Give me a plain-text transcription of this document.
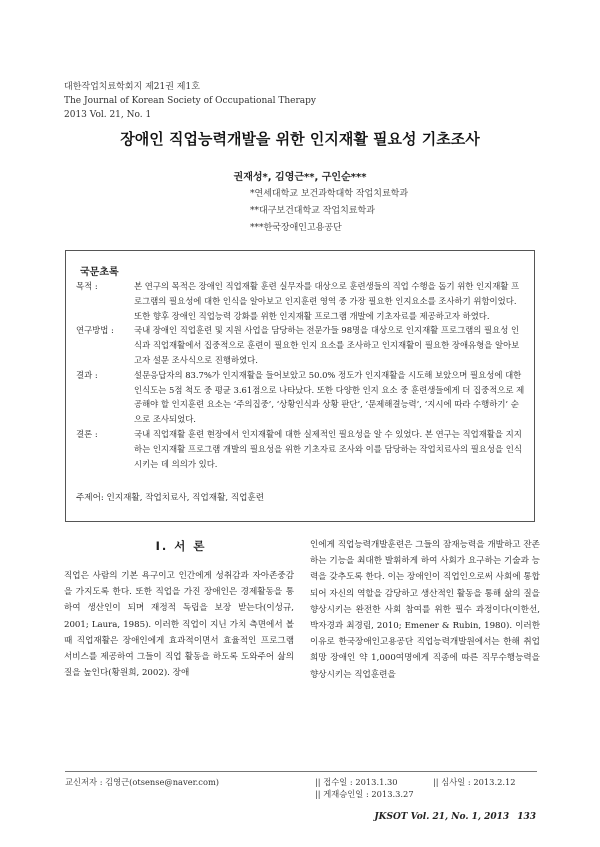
대한작업치료학회지 제21권 제1호
The Journal of Korean Society of Occupational Therapy
2013 Vol. 21, No. 1
장애인 직업능력개발을 위한 인지재활 필요성 기초조사
권재성*, 김영근**, 구인순***
*연세대학교 보건과학대학 작업치료학과
**대구보건대학교 작업치료학과
***한국장애인고용공단
국문초록
목적 :	본 연구의 목적은 장애인 직업재활 훈련 실무자를 대상으로 훈련생들의 직업 수행을 돕기 위한 인지재활 프로그램의 필요성에 대한 인식을 알아보고 인지훈련 영역 중 가장 필요한 인지요소를 조사하기 위함이었다. 또한 향후 장애인 직업능력 강화를 위한 인지재활 프로그램 개발에 기초자료를 제공하고자 하였다.
연구방법 : 국내 장애인 직업훈련 및 지원 사업을 담당하는 전문가들 98명을 대상으로 인지재활 프로그램의 필요성 인식과 직업재활에서 집중적으로 훈련이 필요한 인지 요소를 조사하고 인지재활이 필요한 장애유형을 알아보고자 설문 조사식으로 진행하였다.
결과 :	설문응답자의 83.7%가 인지재활을 들어보았고 50.0% 정도가 인지재활을 시도해 보았으며 필요성에 대한 인식도는 5점 척도 중 평균 3.61점으로 나타났다. 또한 다양한 인지 요소 중 훈련생들에게 더 집중적으로 제공해야 할 인지훈련 요소는 ‘주의집중’, ‘상황인식과 상황 판단’, ‘문제해결능력’, ‘지시에 따라 수행하기’ 순으로 조사되었다.
결론 :	국내 직업재활 훈련 현장에서 인지재활에 대한 실제적인 필요성을 알 수 있었다. 본 연구는 직업재활을 지지하는 인지재활 프로그램 개발의 필요성을 위한 기초자료 조사와 이를 담당하는 작업치료사의 필요성을 인식시키는 데 의의가 있다.
주제어: 인지재활, 작업치료사, 직업재활, 직업훈련
Ⅰ. 서 론

직업은 사람의 기본 욕구이고 인간에게 성취감과 자아존중감을 가지도록 한다. 또한 직업을 가진 장애인은 경제활동을 통하여 생산인이 되며 재정적 독립을 보장 받는다(이성규, 2001; Laura, 1985). 이러한 직업이 지닌 가치 측면에서 볼 때 직업재활은 장애인에게 효과적이면서 효율적인 프로그램 서비스를 제공하여 그들이 직업 활동을 하도록 도와주어 삶의 질을 높인다(황원희, 2002). 장애

인에게 직업능력개발훈련은 그들의 잠재능력을 개발하고 잔존하는 기능을 최대한 발휘하게 하여 사회가 요구하는 기술과 능력을 갖추도록 한다. 이는 장애인이 직업인으로써 사회에 통합되어 자신의 역할을 감당하고 생산적인 활동을 통해 삶의 질을 향상시키는 완전한 사회 참여를 위한 필수 과정이다(이한선, 박자경과 최경림, 2010; Emener & Rubin, 1980). 이러한 이유로 한국장애인고용공단 직업능력개발원에서는 한해 취업 희망 장애인 약 1,000여명에게 직종에 따른 직무수행능력을 향상시키는 직업훈련을

교신저자 : 김영근(otsense@naver.com)	|| 접수일 : 2013.1.30
|| 게재승인일 : 2013.3.27
|| 심사일 : 2013.2.12
JKSOT Vol. 21, No. 1, 2013 133
